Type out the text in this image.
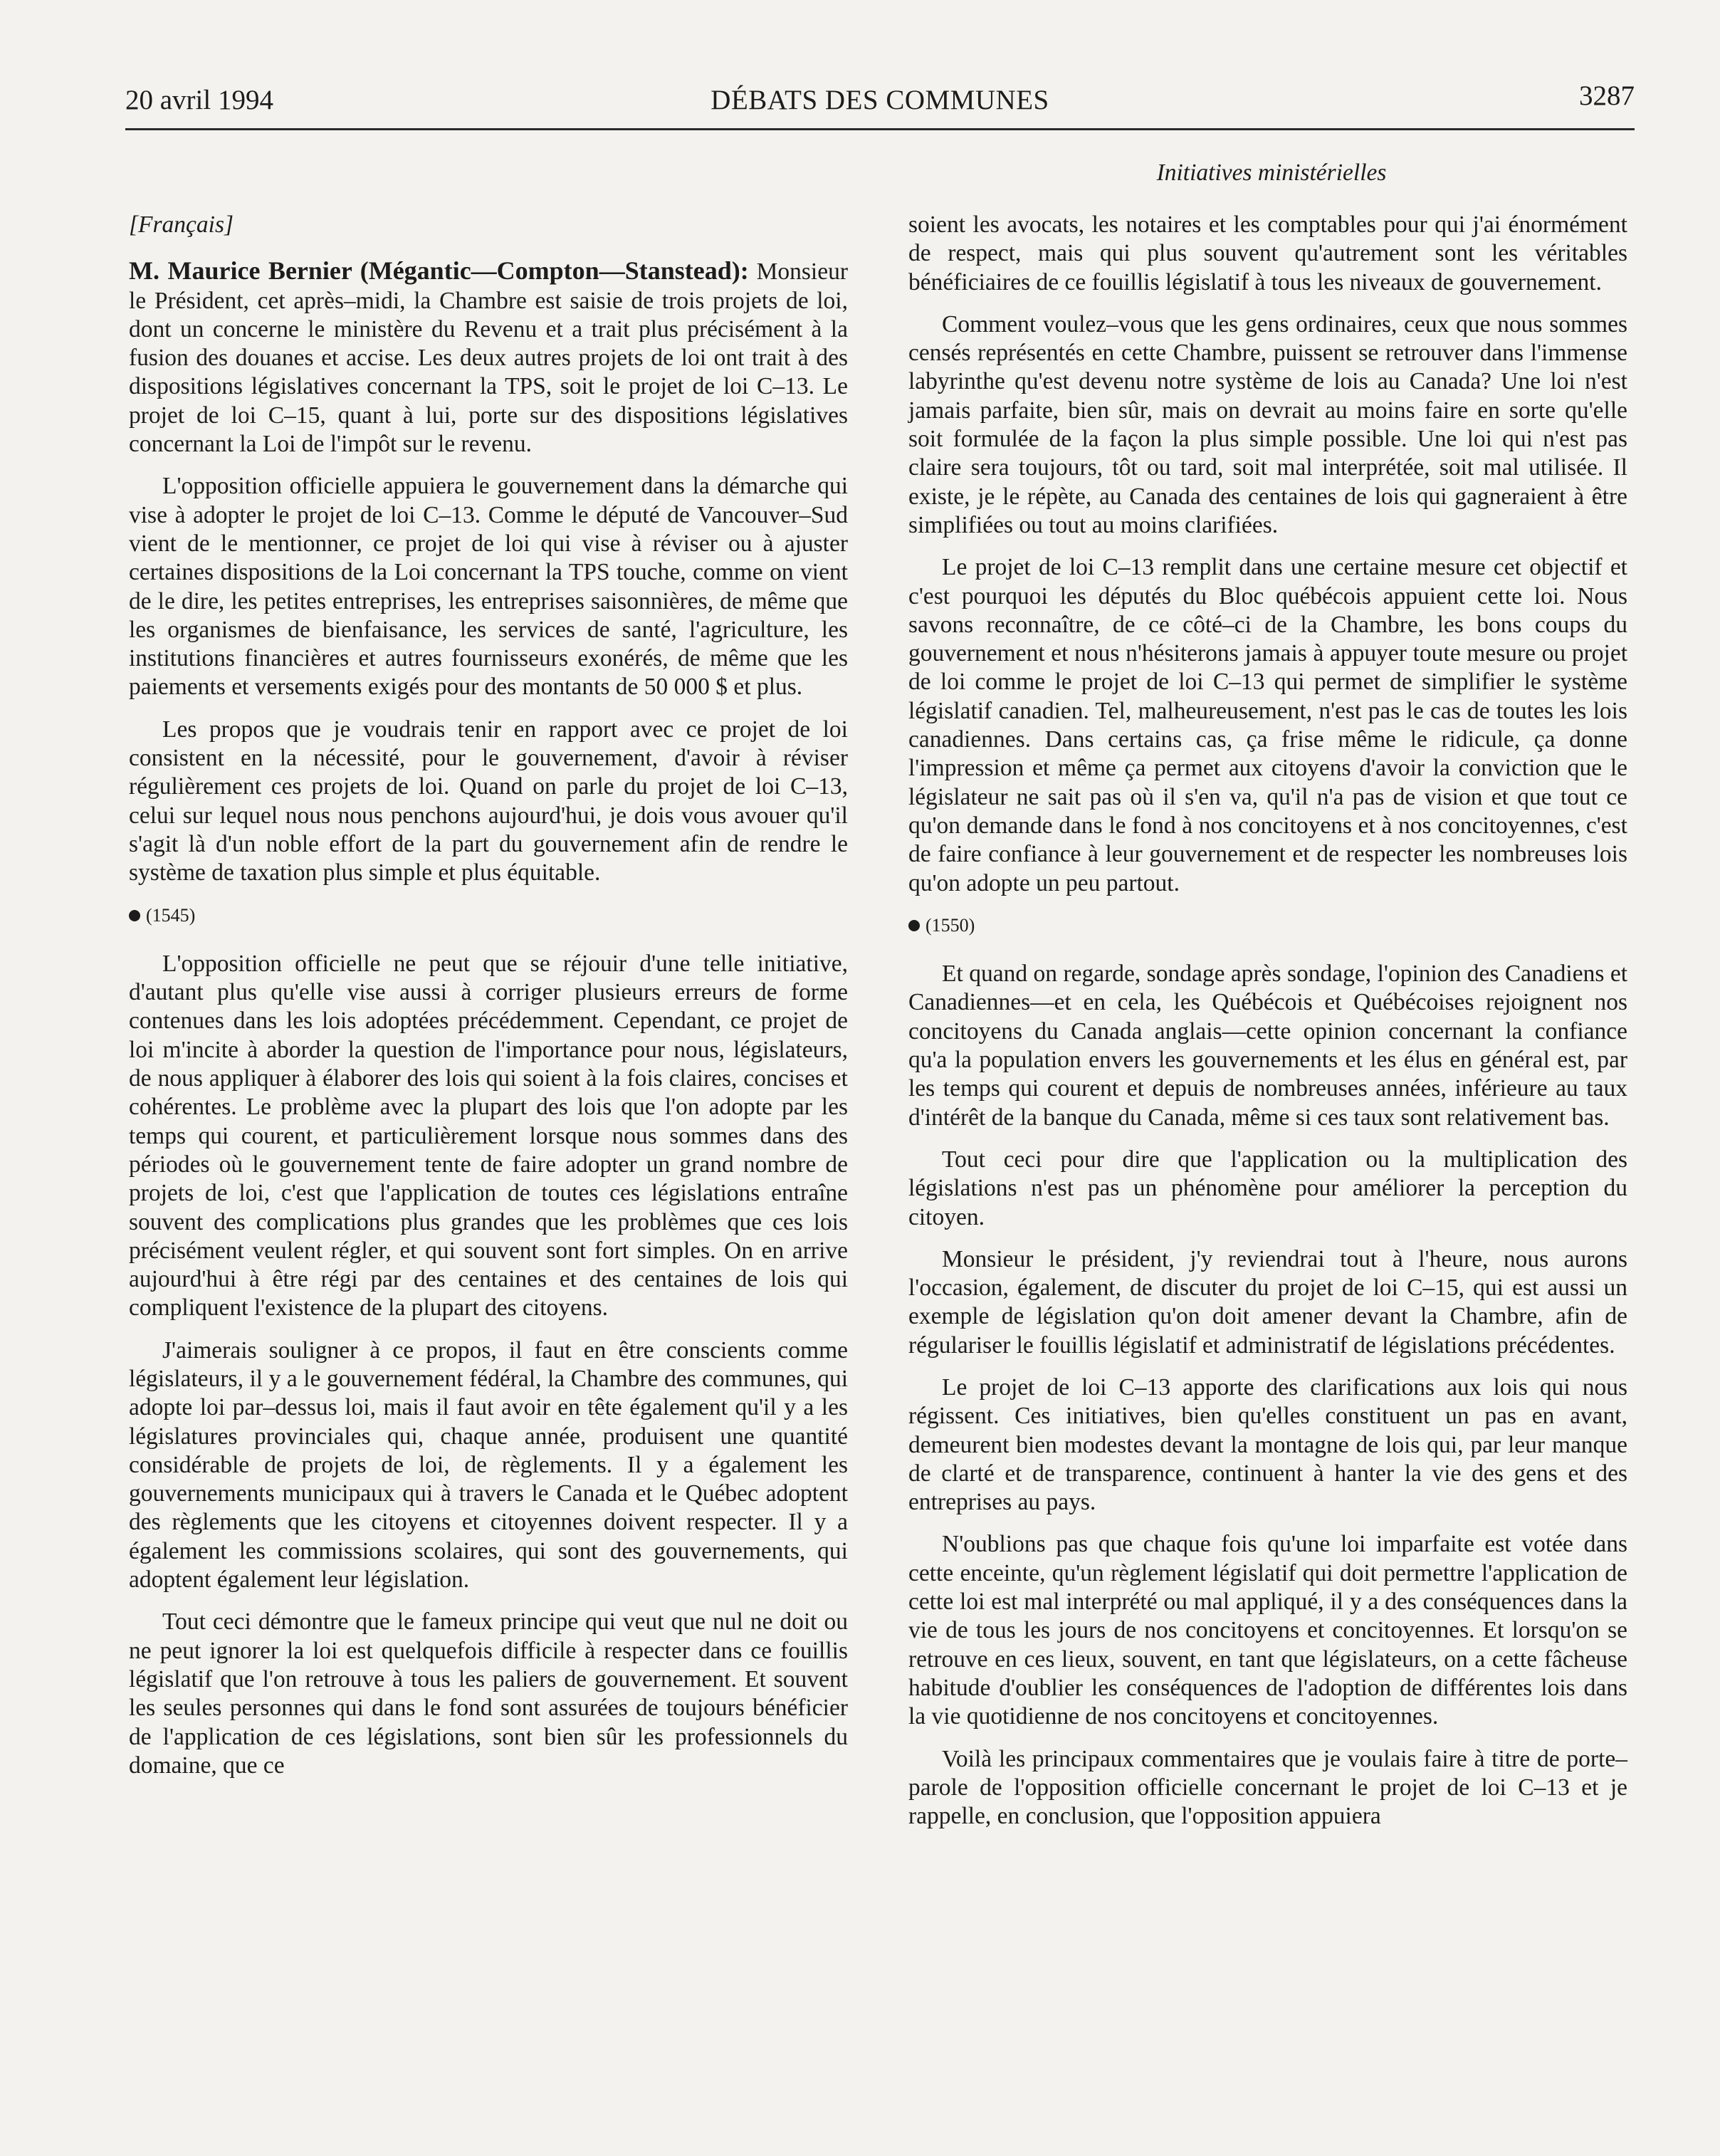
20 avril 1994	DÉBATS DES COMMUNES	3287
Initiatives ministérielles
[Français]

M. Maurice Bernier (Mégantic—Compton—Stanstead): Monsieur le Président, cet après–midi, la Chambre est saisie de trois projets de loi, dont un concerne le ministère du Revenu et a trait plus précisément à la fusion des douanes et accise. Les deux autres projets de loi ont trait à des dispositions législatives concernant la TPS, soit le projet de loi C–13. Le projet de loi C–15, quant à lui, porte sur des dispositions législatives concernant la Loi de l'impôt sur le revenu.

L'opposition officielle appuiera le gouvernement dans la démarche qui vise à adopter le projet de loi C–13. Comme le député de Vancouver–Sud vient de le mentionner, ce projet de loi qui vise à réviser ou à ajuster certaines dispositions de la Loi concernant la TPS touche, comme on vient de le dire, les petites entreprises, les entreprises saisonnières, de même que les organismes de bienfaisance, les services de santé, l'agriculture, les institutions financières et autres fournisseurs exonérés, de même que les paiements et versements exigés pour des montants de 50 000 $ et plus.

Les propos que je voudrais tenir en rapport avec ce projet de loi consistent en la nécessité, pour le gouvernement, d'avoir à réviser régulièrement ces projets de loi. Quand on parle du projet de loi C–13, celui sur lequel nous nous penchons aujourd'hui, je dois vous avouer qu'il s'agit là d'un noble effort de la part du gouvernement afin de rendre le système de taxation plus simple et plus équitable.

(1545)

L'opposition officielle ne peut que se réjouir d'une telle initiative, d'autant plus qu'elle vise aussi à corriger plusieurs erreurs de forme contenues dans les lois adoptées précédemment. Cependant, ce projet de loi m'incite à aborder la question de l'importance pour nous, législateurs, de nous appliquer à élaborer des lois qui soient à la fois claires, concises et cohérentes. Le problème avec la plupart des lois que l'on adopte par les temps qui courent, et particulièrement lorsque nous sommes dans des périodes où le gouvernement tente de faire adopter un grand nombre de projets de loi, c'est que l'application de toutes ces législations entraîne souvent des complications plus grandes que les problèmes que ces lois précisément veulent régler, et qui souvent sont fort simples. On en arrive aujourd'hui à être régi par des centaines et des centaines de lois qui compliquent l'existence de la plupart des citoyens.

J'aimerais souligner à ce propos, il faut en être conscients comme législateurs, il y a le gouvernement fédéral, la Chambre des communes, qui adopte loi par–dessus loi, mais il faut avoir en tête également qu'il y a les législatures provinciales qui, chaque année, produisent une quantité considérable de projets de loi, de règlements. Il y a également les gouvernements municipaux qui à travers le Canada et le Québec adoptent des règlements que les citoyens et citoyennes doivent respecter. Il y a également les commissions scolaires, qui sont des gouvernements, qui adoptent également leur législation.

Tout ceci démontre que le fameux principe qui veut que nul ne doit ou ne peut ignorer la loi est quelquefois difficile à respecter dans ce fouillis législatif que l'on retrouve à tous les paliers de gouvernement. Et souvent les seules personnes qui dans le fond sont assurées de toujours bénéficier de l'application de ces législations, sont bien sûr les professionnels du domaine, que ce

soient les avocats, les notaires et les comptables pour qui j'ai énormément de respect, mais qui plus souvent qu'autrement sont les véritables bénéficiaires de ce fouillis législatif à tous les niveaux de gouvernement.

Comment voulez–vous que les gens ordinaires, ceux que nous sommes censés représentés en cette Chambre, puissent se retrouver dans l'immense labyrinthe qu'est devenu notre système de lois au Canada? Une loi n'est jamais parfaite, bien sûr, mais on devrait au moins faire en sorte qu'elle soit formulée de la façon la plus simple possible. Une loi qui n'est pas claire sera toujours, tôt ou tard, soit mal interprétée, soit mal utilisée. Il existe, je le répète, au Canada des centaines de lois qui gagneraient à être simplifiées ou tout au moins clarifiées.

Le projet de loi C–13 remplit dans une certaine mesure cet objectif et c'est pourquoi les députés du Bloc québécois appuient cette loi. Nous savons reconnaître, de ce côté–ci de la Chambre, les bons coups du gouvernement et nous n'hésiterons jamais à appuyer toute mesure ou projet de loi comme le projet de loi C–13 qui permet de simplifier le système législatif canadien. Tel, malheureusement, n'est pas le cas de toutes les lois canadiennes. Dans certains cas, ça frise même le ridicule, ça donne l'impression et même ça permet aux citoyens d'avoir la conviction que le législateur ne sait pas où il s'en va, qu'il n'a pas de vision et que tout ce qu'on demande dans le fond à nos concitoyens et à nos concitoyennes, c'est de faire confiance à leur gouvernement et de respecter les nombreuses lois qu'on adopte un peu partout.

(1550)

Et quand on regarde, sondage après sondage, l'opinion des Canadiens et Canadiennes—et en cela, les Québécois et Québécoises rejoignent nos concitoyens du Canada anglais—cette opinion concernant la confiance qu'a la population envers les gouvernements et les élus en général est, par les temps qui courent et depuis de nombreuses années, inférieure au taux d'intérêt de la banque du Canada, même si ces taux sont relativement bas.

Tout ceci pour dire que l'application ou la multiplication des législations n'est pas un phénomène pour améliorer la perception du citoyen.

Monsieur le président, j'y reviendrai tout à l'heure, nous aurons l'occasion, également, de discuter du projet de loi C–15, qui est aussi un exemple de législation qu'on doit amener devant la Chambre, afin de régulariser le fouillis législatif et administratif de législations précédentes.

Le projet de loi C–13 apporte des clarifications aux lois qui nous régissent. Ces initiatives, bien qu'elles constituent un pas en avant, demeurent bien modestes devant la montagne de lois qui, par leur manque de clarté et de transparence, continuent à hanter la vie des gens et des entreprises au pays.

N'oublions pas que chaque fois qu'une loi imparfaite est votée dans cette enceinte, qu'un règlement législatif qui doit permettre l'application de cette loi est mal interprété ou mal appliqué, il y a des conséquences dans la vie de tous les jours de nos concitoyens et concitoyennes. Et lorsqu'on se retrouve en ces lieux, souvent, en tant que législateurs, on a cette fâcheuse habitude d'oublier les conséquences de l'adoption de différentes lois dans la vie quotidienne de nos concitoyens et concitoyennes.

Voilà les principaux commentaires que je voulais faire à titre de porte–parole de l'opposition officielle concernant le projet de loi C–13 et je rappelle, en conclusion, que l'opposition appuiera
